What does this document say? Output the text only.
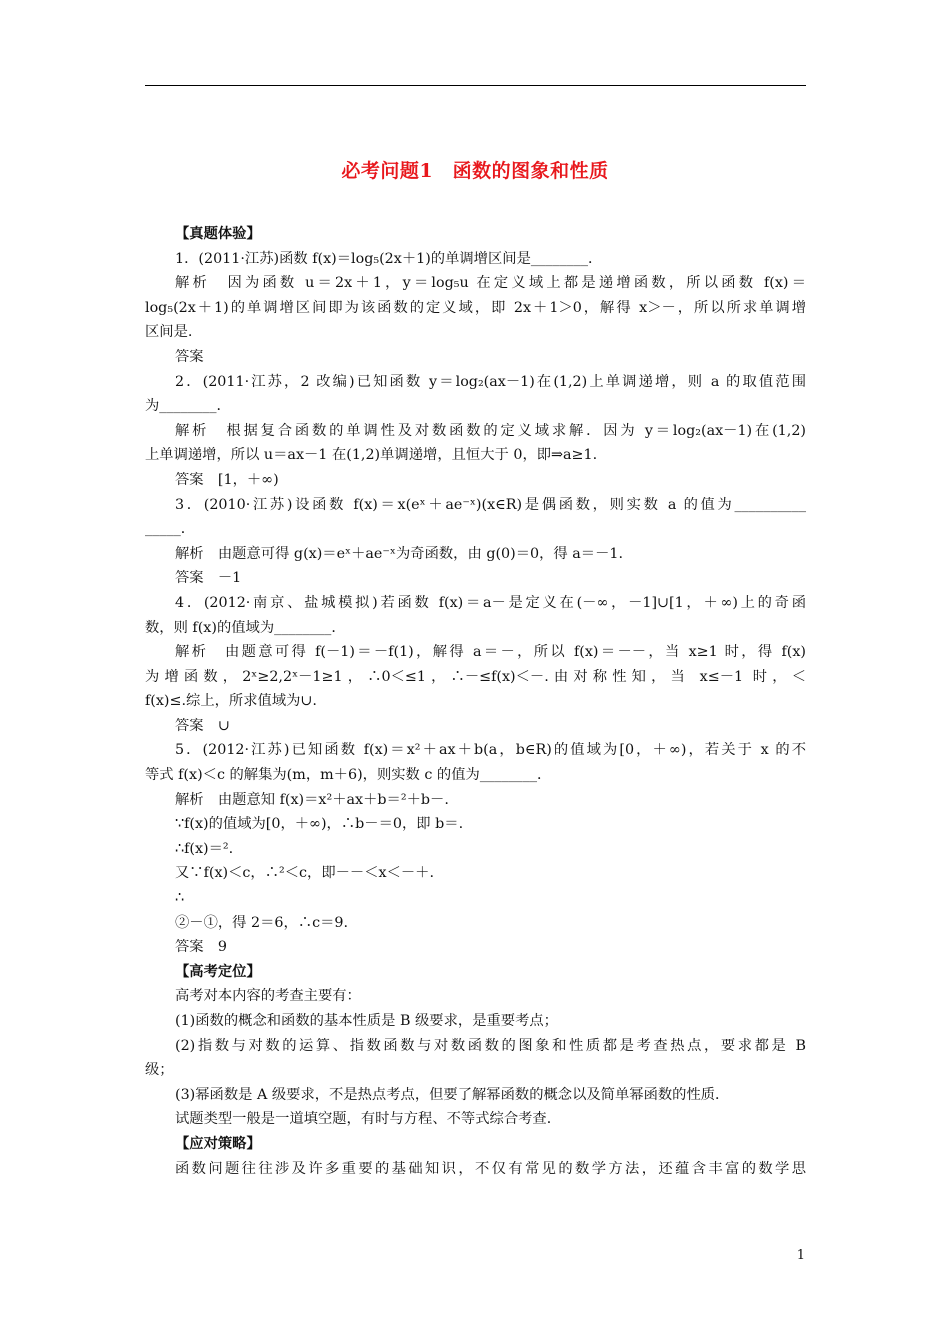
必考问题1　函数的图象和性质

【真题体验】

1．(2011·江苏)函数 f(x)＝log₅(2x＋1)的单调增区间是________．

解析　因为函数 u＝2x＋1，y＝log₅u 在定义域上都是递增函数，所以函数 f(x)＝

log₅(2x＋1)的单调增区间即为该函数的定义域，即 2x＋1＞0，解得 x＞－，所以所求单调增

区间是.

答案

2．(2011·江苏，2 改编)已知函数 y＝log₂(ax－1)在(1,2)上单调递增，则 a 的取值范围

为________．

解析　根据复合函数的单调性及对数函数的定义域求解．因为 y＝log₂(ax－1)在(1,2)

上单调递增，所以 u＝ax－1 在(1,2)单调递增，且恒大于 0，即⇒a≥1.

答案　[1，＋∞)

3．(2010·江苏)设函数 f(x)＝x(eˣ＋ae⁻ˣ)(x∈R)是偶函数，则实数 a 的值为__________

_____．

解析　由题意可得 g(x)＝eˣ＋ae⁻ˣ为奇函数，由 g(0)＝0，得 a＝－1.

答案　－1

4．(2012·南京、盐城模拟)若函数 f(x)＝a－是定义在(－∞，－1]∪[1，＋∞)上的奇函

数，则 f(x)的值域为________．

解析　由题意可得 f(－1)＝－f(1)，解得 a＝－，所以 f(x)＝－－，当 x≥1 时，得 f(x)

为增函数，2ˣ≥2,2ˣ－1≥1，∴0＜≤1，∴－≤f(x)＜－.由对称性知，当 x≤－1 时，＜

f(x)≤.综上，所求值域为∪.

答案　∪

5．(2012·江苏)已知函数 f(x)＝x²＋ax＋b(a，b∈R)的值域为[0，＋∞)，若关于 x 的不

等式 f(x)＜c 的解集为(m，m＋6)，则实数 c 的值为________．

解析　由题意知 f(x)＝x²＋ax＋b＝²＋b－.

∵f(x)的值域为[0，＋∞)，∴b－＝0，即 b＝.

∴f(x)＝².

又∵f(x)＜c，∴²＜c，即－－＜x＜－＋.

∴

②－①，得 2＝6，∴c＝9.

答案　9

【高考定位】

高考对本内容的考查主要有：

(1)函数的概念和函数的基本性质是 B 级要求，是重要考点；

(2)指数与对数的运算、指数函数与对数函数的图象和性质都是考查热点，要求都是 B

级；

(3)幂函数是 A 级要求，不是热点考点，但要了解幂函数的概念以及简单幂函数的性质．

试题类型一般是一道填空题，有时与方程、不等式综合考查．

【应对策略】

函数问题往往涉及许多重要的基础知识，不仅有常见的数学方法，还蕴含丰富的数学思

1
